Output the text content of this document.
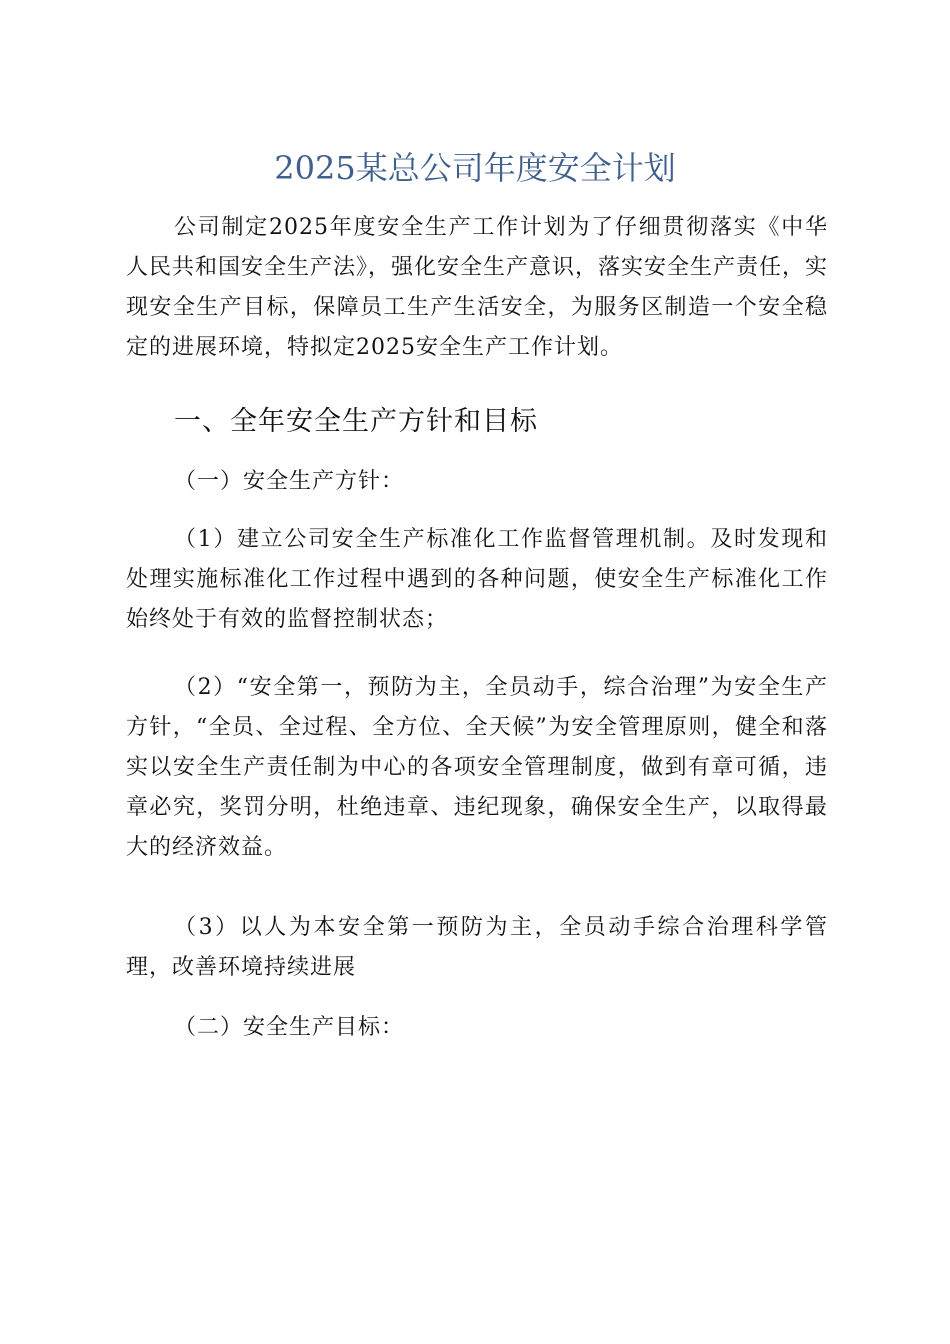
2025某总公司年度安全计划

公司制定2025年度安全生产工作计划为了仔细贯彻落实《中华人民共和国安全生产法》，强化安全生产意识，落实安全生产责任，实现安全生产目标，保障员工生产生活安全，为服务区制造一个安全稳定的进展环境，特拟定2025安全生产工作计划。

一、全年安全生产方针和目标

（一）安全生产方针：

（1）建立公司安全生产标准化工作监督管理机制。及时发现和处理实施标准化工作过程中遇到的各种问题，使安全生产标准化工作始终处于有效的监督控制状态；

（2）“安全第一，预防为主，全员动手，综合治理”为安全生产方针，“全员、全过程、全方位、全天候”为安全管理原则，健全和落实以安全生产责任制为中心的各项安全管理制度，做到有章可循，违章必究，奖罚分明，杜绝违章、违纪现象，确保安全生产，以取得最大的经济效益。

（3）以人为本安全第一预防为主，全员动手综合治理科学管理，改善环境持续进展

（二）安全生产目标：
